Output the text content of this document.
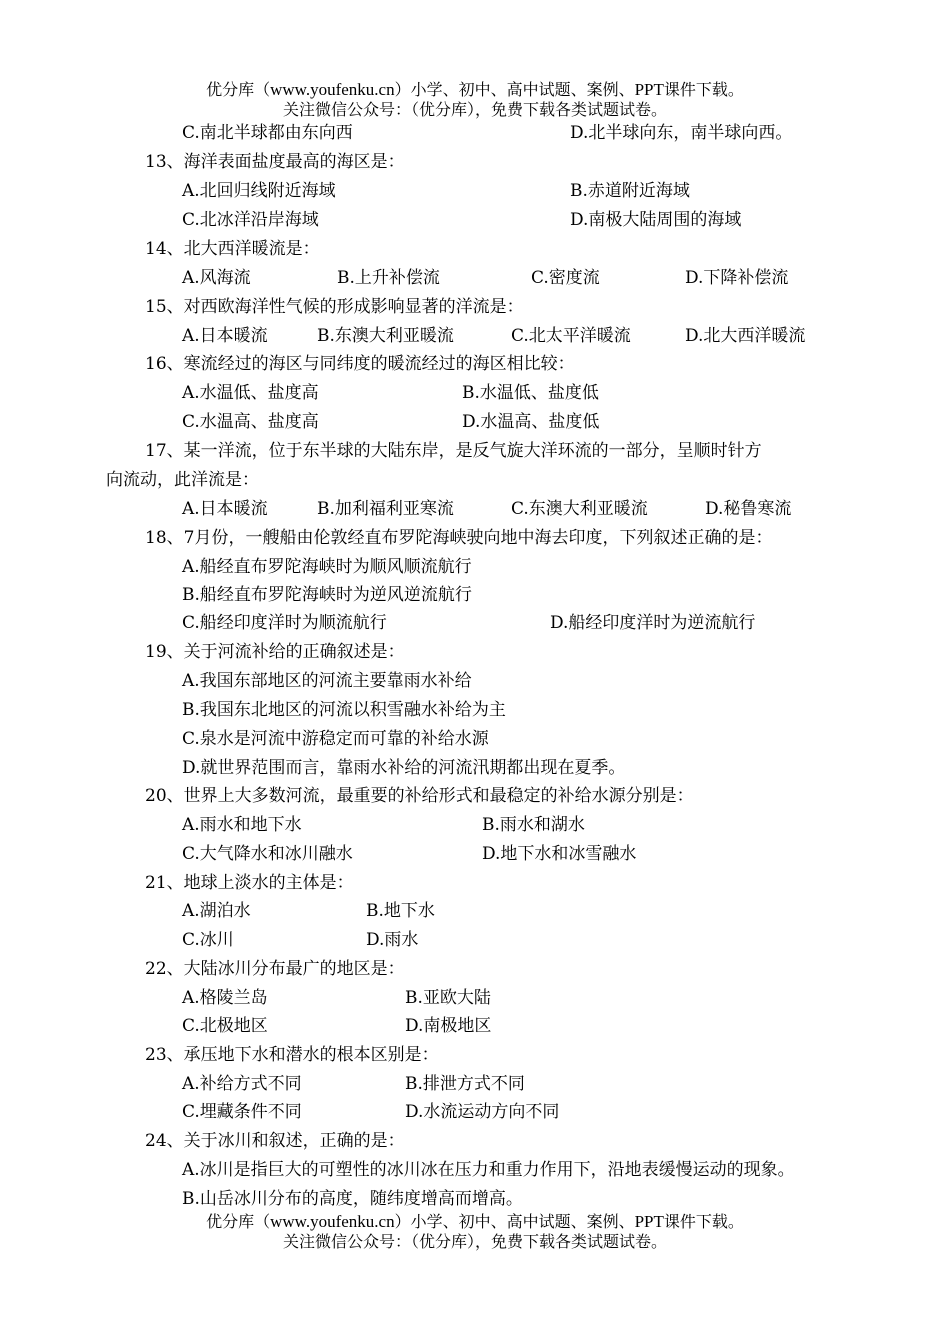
优分库（www.youfenku.cn）小学、初中、高中试题、案例、PPT课件下载。
关注微信公众号：（优分库），免费下载各类试题试卷。
C.南北半球都由东向西	D.北半球向东，南半球向西。
13、海洋表面盐度最高的海区是：
A.北回归线附近海域	B.赤道附近海域
C.北冰洋沿岸海域	D.南极大陆周围的海域
14、北大西洋暖流是：
A.风海流	B.上升补偿流	C.密度流	D.下降补偿流
15、对西欧海洋性气候的形成影响显著的洋流是：
A.日本暖流	B.东澳大利亚暖流	C.北太平洋暖流	D.北大西洋暖流
16、寒流经过的海区与同纬度的暖流经过的海区相比较：
A.水温低、盐度高	B.水温低、盐度低
C.水温高、盐度高	D.水温高、盐度低
17、某一洋流，位于东半球的大陆东岸，是反气旋大洋环流的一部分，呈顺时针方
向流动，此洋流是：
A.日本暖流	B.加利福利亚寒流	C.东澳大利亚暖流	D.秘鲁寒流
18、7月份，一艘船由伦敦经直布罗陀海峡驶向地中海去印度，下列叙述正确的是：
A.船经直布罗陀海峡时为顺风顺流航行
B.船经直布罗陀海峡时为逆风逆流航行
C.船经印度洋时为顺流航行	D.船经印度洋时为逆流航行
19、关于河流补给的正确叙述是：
A.我国东部地区的河流主要靠雨水补给
B.我国东北地区的河流以积雪融水补给为主
C.泉水是河流中游稳定而可靠的补给水源
D.就世界范围而言，靠雨水补给的河流汛期都出现在夏季。
20、世界上大多数河流，最重要的补给形式和最稳定的补给水源分别是：
A.雨水和地下水	B.雨水和湖水
C.大气降水和冰川融水	D.地下水和冰雪融水
21、地球上淡水的主体是：
A.湖泊水	B.地下水
C.冰川	D.雨水
22、大陆冰川分布最广的地区是：
A.格陵兰岛	B.亚欧大陆
C.北极地区	D.南极地区
23、承压地下水和潜水的根本区别是：
A.补给方式不同	B.排泄方式不同
C.埋藏条件不同	D.水流运动方向不同
24、关于冰川和叙述，正确的是：
A.冰川是指巨大的可塑性的冰川冰在压力和重力作用下，沿地表缓慢运动的现象。
B.山岳冰川分布的高度，随纬度增高而增高。
优分库（www.youfenku.cn）小学、初中、高中试题、案例、PPT课件下载。
关注微信公众号：（优分库），免费下载各类试题试卷。
